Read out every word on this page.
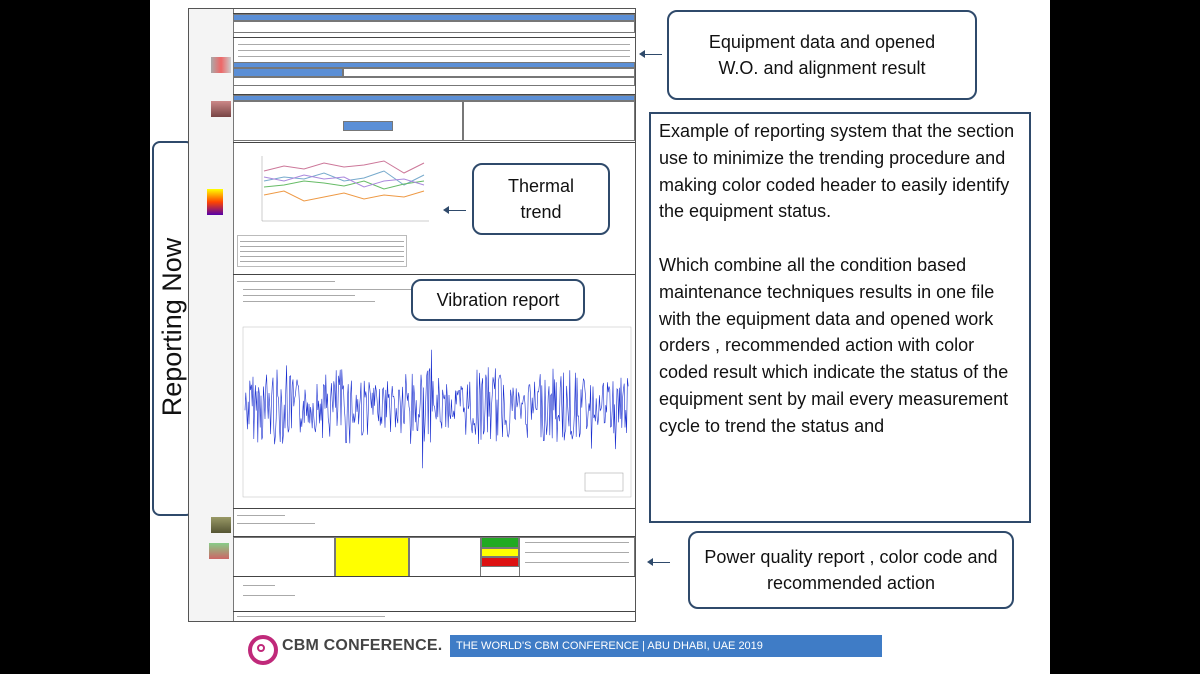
Reporting Now
Equipment data and opened W.O. and alignment result
Thermal trend
Vibration report
Power quality report , color code and recommended action

Example of reporting system that the section use to minimize the trending procedure and making color coded header to easily identify the equipment status.

Which combine all the condition based maintenance techniques results in one file with the equipment data and opened work orders , recommended action with color coded result which indicate the status of the equipment sent by mail every measurement cycle to trend the status and

CBM CONFERENCE.	THE WORLD'S CBM CONFERENCE | ABU DHABI, UAE 2019
